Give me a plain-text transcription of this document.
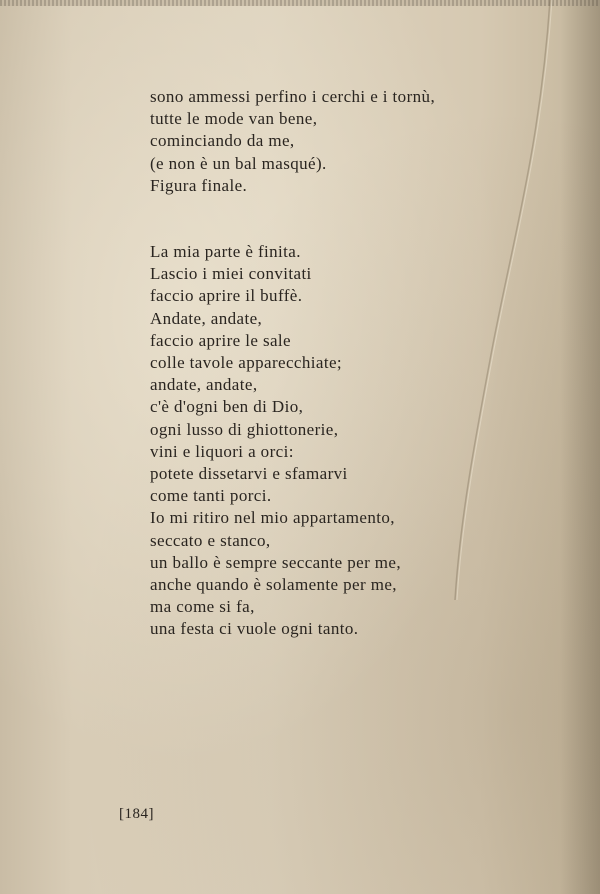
sono ammessi perfino i cerchi e i tornù,
tutte le mode van bene,
cominciando da me,
(e non è un bal masqué).
Figura finale.
La mia parte è finita.
Lascio i miei convitati
faccio aprire il buffè.
Andate, andate,
faccio aprire le sale
colle tavole apparecchiate;
andate, andate,
c'è d'ogni ben di Dio,
ogni lusso di ghiottonerie,
vini e liquori a orci:
potete dissetarvi e sfamarvi
come tanti porci.
Io mi ritiro nel mio appartamento,
seccato e stanco,
un ballo è sempre seccante per me,
anche quando è solamente per me,
ma come si fa,
una festa ci vuole ogni tanto.
[184]
